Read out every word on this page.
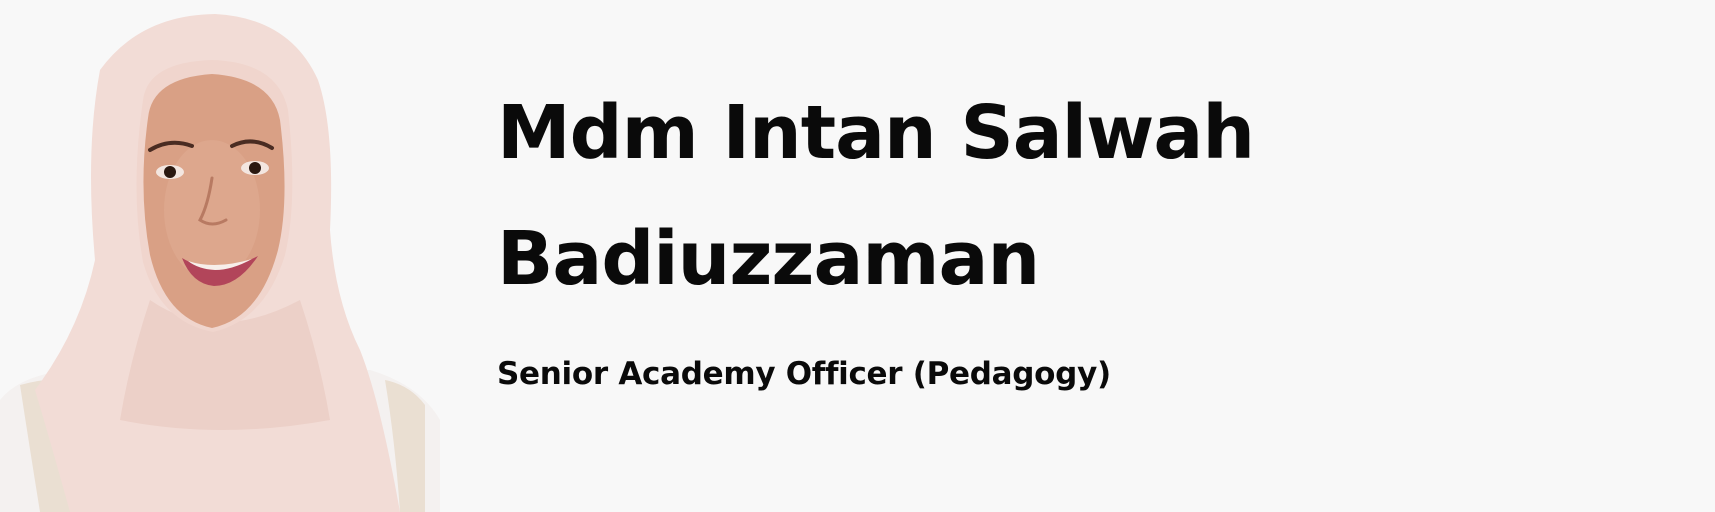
Mdm Intan Salwah
Badiuzzaman

Senior Academy Officer (Pedagogy)
